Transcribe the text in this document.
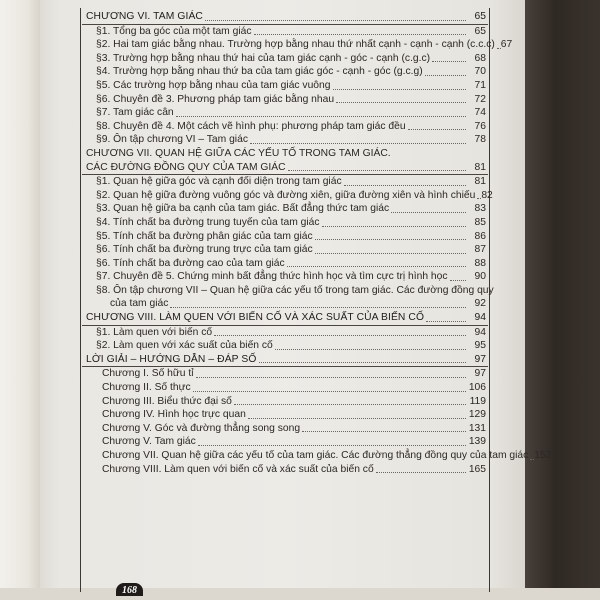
CHƯƠNG VI. TAM GIÁC	65
§1. Tổng ba góc của một tam giác	65
§2. Hai tam giác bằng nhau. Trường hợp bằng nhau thứ nhất cạnh - cạnh - cạnh (c.c.c) 67
§3. Trường hợp bằng nhau thứ hai của tam giác cạnh - góc - cạnh (c.g.c)	68
§4. Trường hợp bằng nhau thứ ba của tam giác góc - cạnh - góc (g.c.g)	70
§5. Các trường hợp bằng nhau của tam giác vuông	71
§6. Chuyên đề 3. Phương pháp tam giác bằng nhau	72
§7. Tam giác cân	74
§8. Chuyên đề 4. Một cách vẽ hình phụ: phương pháp tam giác đều	76
§9. Ôn tập chương VI – Tam giác	78
CHƯƠNG VII. QUAN HỆ GIỮA CÁC YẾU TỐ TRONG TAM GIÁC.
CÁC ĐƯỜNG ĐỒNG QUY CỦA TAM GIÁC	81
§1. Quan hệ giữa góc và cạnh đối diện trong tam giác	81
§2. Quan hệ giữa đường vuông góc và đường xiên, giữa đường xiên và hình chiếu 82
§3. Quan hệ giữa ba cạnh của tam giác. Bất đẳng thức tam giác	83
§4. Tính chất ba đường trung tuyến của tam giác	85
§5. Tính chất ba đường phân giác của tam giác	86
§6. Tính chất ba đường trung trực của tam giác	87
§6. Tính chất ba đường cao của tam giác	88
§7. Chuyên đề 5. Chứng minh bất đẳng thức hình học và tìm cực trị hình học	90
§8. Ôn tập chương VII – Quan hệ giữa các yếu tố trong tam giác. Các đường đồng quy
của tam giác	92
CHƯƠNG VIII. LÀM QUEN VỚI BIẾN CỐ VÀ XÁC SUẤT CỦA BIẾN CỐ	94
§1. Làm quen với biến cố	94
§2. Làm quen với xác suất của biến cố	95
LỜI GIẢI – HƯỚNG DẪN – ĐÁP SỐ	97
Chương I. Số hữu tỉ	97
Chương II. Số thực	106
Chương III. Biểu thức đại số	119
Chương IV. Hình học trực quan	129
Chương V. Góc và đường thẳng song song	131
Chương V. Tam giác	139
Chương VII. Quan hệ giữa các yếu tố của tam giác. Các đường thẳng đồng quy của tam giác 152
Chương VIII. Làm quen với biến cố và xác suất của biến cố	165
168
